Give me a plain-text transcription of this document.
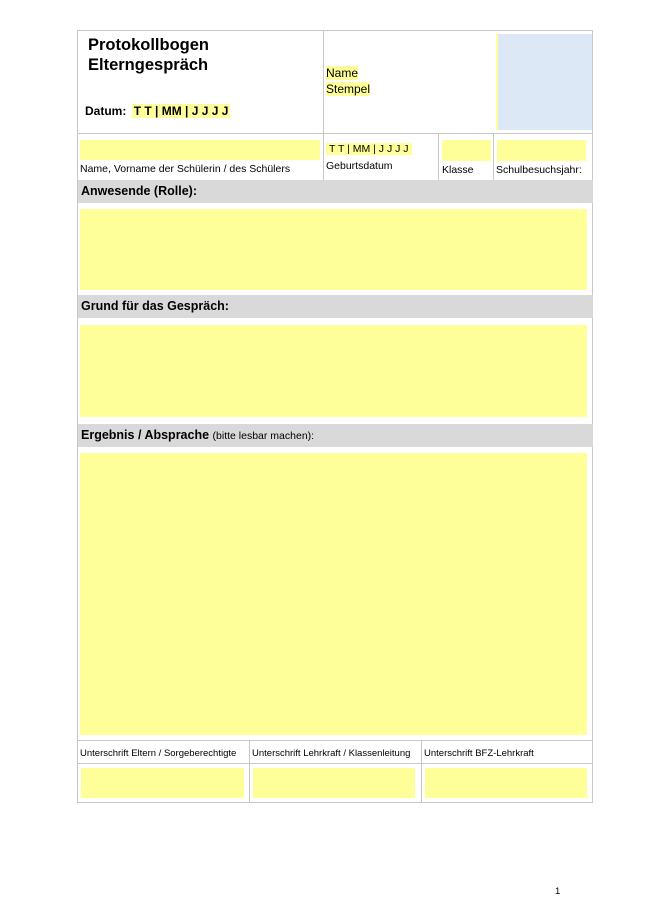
Protokollbogen
Elterngespräch
Datum: T T | MM | J J J J
Name
Stempel
Name, Vorname der Schülerin / des Schülers
T T | MM | J J J J
Geburtsdatum	Klasse Schulbesuchsjahr:
Anwesende (Rolle):
Grund für das Gespräch:
Ergebnis / Absprache (bitte lesbar machen):
Unterschrift Eltern / Sorgeberechtigte Unterschrift Lehrkraft / Klassenleitung Unterschrift BFZ-Lehrkraft
1
